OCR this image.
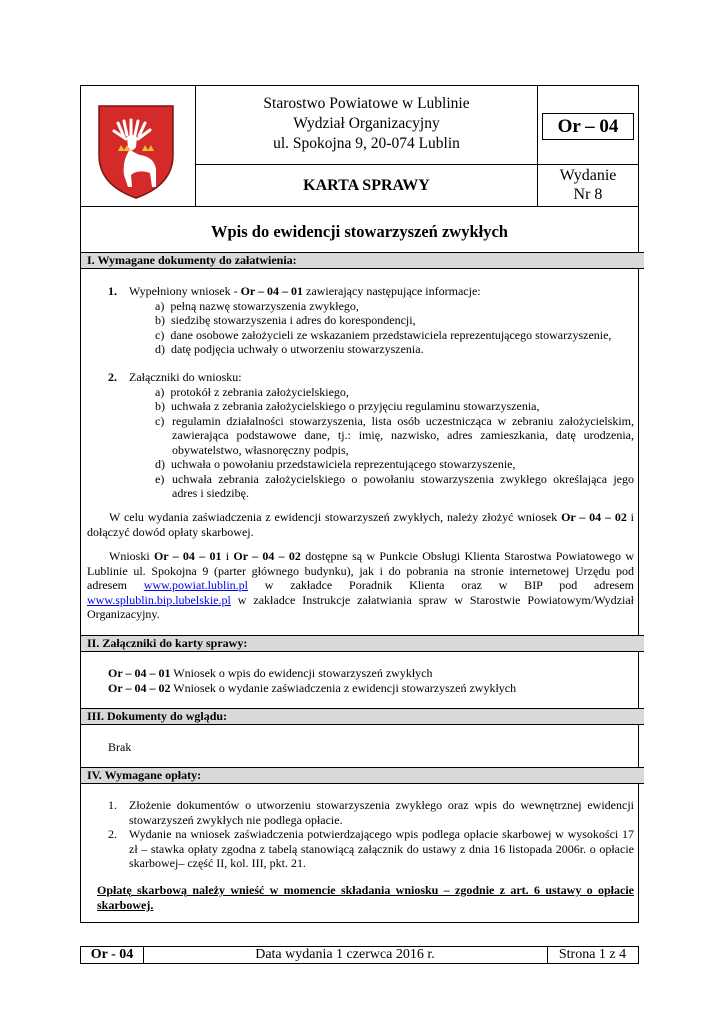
Starostwo Powiatowe w Lublinie
Wydział Organizacyjny
ul. Spokojna 9, 20-074 Lublin
Or – 04
KARTA SPRAWY
Wydanie
Nr 8
Wpis do ewidencji stowarzyszeń zwykłych
I. Wymagane dokumenty do załatwienia:
1. Wypełniony wniosek - Or – 04 – 01 zawierający następujące informacje:
a)  pełną nazwę stowarzyszenia zwykłego,
b)  siedzibę stowarzyszenia i adres do korespondencji,
c)  dane osobowe założycieli ze wskazaniem przedstawiciela reprezentującego stowarzyszenie,
d)  datę podjęcia uchwały o utworzeniu stowarzyszenia.
2. Załączniki do wniosku:
a)  protokół z zebrania założycielskiego,
b)  uchwała z zebrania założycielskiego o przyjęciu regulaminu stowarzyszenia,
c) regulamin działalności stowarzyszenia, lista osób uczestnicząca w zebraniu założycielskim, zawierająca podstawowe dane, tj.: imię, nazwisko, adres zamieszkania, datę urodzenia, obywatelstwo, własnoręczny podpis,
d)  uchwała o powołaniu przedstawiciela reprezentującego stowarzyszenie,
e) uchwała zebrania założycielskiego o powołaniu stowarzyszenia zwykłego określająca jego adres i siedzibę.
W celu wydania zaświadczenia z ewidencji stowarzyszeń zwykłych, należy złożyć wniosek Or – 04 – 02 i dołączyć dowód opłaty skarbowej.
Wnioski Or – 04 – 01 i Or – 04 – 02 dostępne są w Punkcie Obsługi Klienta Starostwa Powiatowego w Lublinie ul. Spokojna 9 (parter głównego budynku), jak i do pobrania na stronie internetowej Urzędu pod adresem www.powiat.lublin.pl w zakładce Poradnik Klienta oraz w BIP pod adresem www.splublin.bip.lubelskie.pl w zakładce Instrukcje załatwiania spraw w Starostwie Powiatowym/Wydział Organizacyjny.
II. Załączniki do karty sprawy:
Or – 04 – 01 Wniosek o wpis do ewidencji stowarzyszeń zwykłych
Or – 04 – 02 Wniosek o wydanie zaświadczenia z ewidencji stowarzyszeń zwykłych
III. Dokumenty do wglądu:
Brak
IV. Wymagane opłaty:
1. Złożenie dokumentów o utworzeniu stowarzyszenia zwykłego oraz wpis do wewnętrznej ewidencji stowarzyszeń zwykłych nie podlega opłacie.
2. Wydanie na wniosek zaświadczenia potwierdzającego wpis podlega opłacie skarbowej w wysokości 17 zł – stawka opłaty zgodna z tabelą stanowiącą załącznik do ustawy z dnia 16 listopada 2006r. o opłacie skarbowej– część II, kol. III, pkt. 21.
Opłatę skarbową należy wnieść w momencie składania wniosku – zgodnie z art. 6 ustawy o opłacie skarbowej.
Or - 04	Data wydania 1 czerwca 2016 r.	Strona 1 z 4
